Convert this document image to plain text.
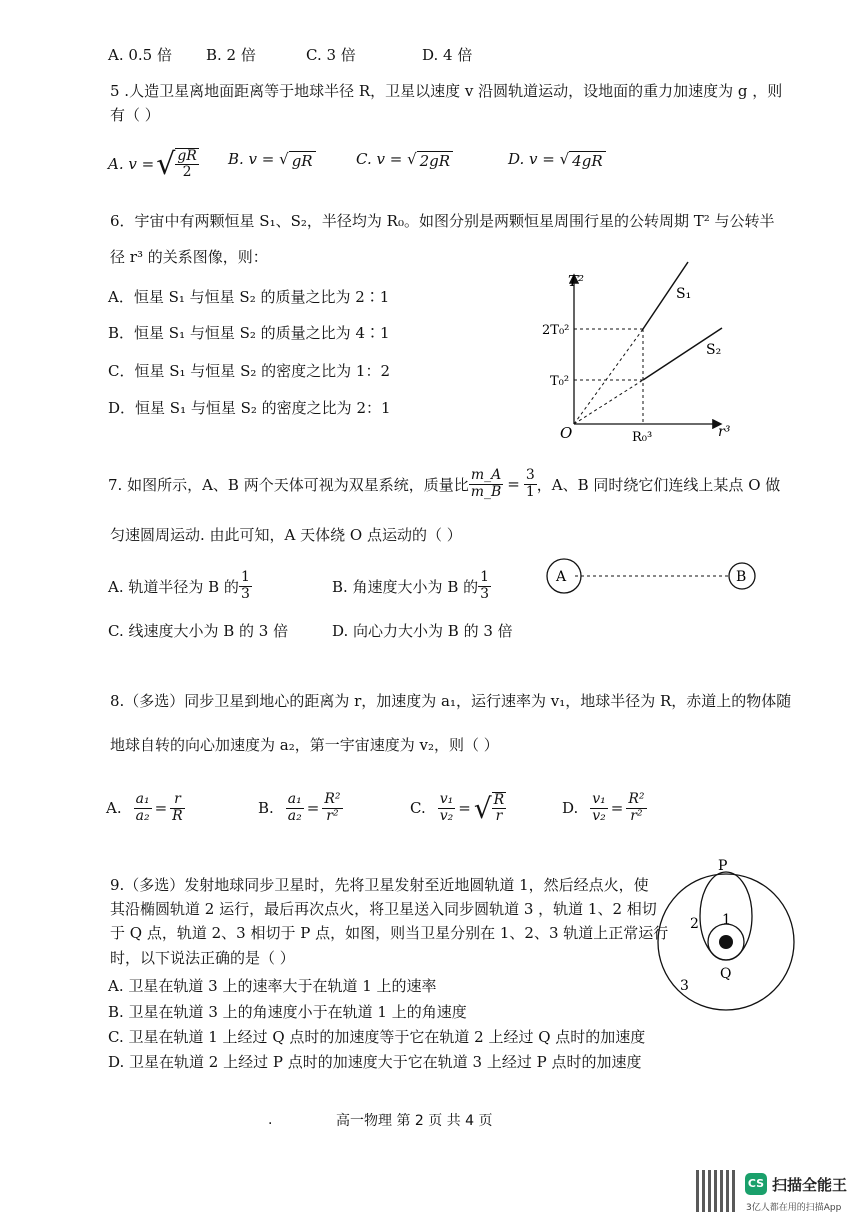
A. 0.5 倍 B. 2 倍	C. 3 倍	D. 4 倍
5 .人造卫星离地面距离等于地球半径 R，卫星以速度 v 沿圆轨道运动，设地面的重力加速度为 g ，则
有（ ）
A. v = √ $\frac{gR}{2} B$. v = √ gR	C. v = √ 2gR	D. v = √ 4gR
6．宇宙中有两颗恒星 S₁、S₂，半径均为 R₀。如图分别是两颗恒星周围行星的公转周期 T² 与公转半
径 r³ 的关系图像，则：
A．恒星 S₁ 与恒星 S₂ 的质量之比为 2∶1
B．恒星 S₁ 与恒星 S₂ 的质量之比为 4∶1
C．恒星 S₁ 与恒星 S₂ 的密度之比为 1：2
D．恒星 S₁ 与恒星 S₂ 的密度之比为 2：1
T²
r³
O
2T₀²
T₀²
R₀³
S₁
S₂
7. 如图所示，A、B 两个天体可视为双星系统，质量比 $\frac{m\_A}{m\_B} = \frac{3}{1}$ ，A、B 同时绕它们连线上某点 O 做
匀速圆周运动. 由此可知，A 天体绕 O 点运动的（ ）
A. 轨道半径为 B 的 $\frac{1}{3}$	B. 角速度大小为 B 的 $\frac{1}{3}$
C. 线速度大小为 B 的 3 倍	D. 向心力大小为 B 的 3 倍
A	B
8.（多选）同步卫星到地心的距离为 r，加速度为 a₁，运行速率为 v₁，地球半径为 R，赤道上的物体随
地球自转的向心加速度为 a₂，第一宇宙速度为 v₂，则（ ）
A. $\frac{\text{a₁}}{\text{a₂}} = \frac{r}{R}$	B. $\frac{\text{a₁}}{\text{a₂}} = \frac{\text{R²}}{\text{r²}}$	C. $\frac{\text{v₁}}{\text{v₂}}$ = √ $\frac{R}{r}$	D. $\frac{\text{v₁}}{\text{v₂}} = \frac{\text{R²}}{\text{r²}}$
9.（多选）发射地球同步卫星时，先将卫星发射至近地圆轨道 1，然后经点火，使
其沿椭圆轨道 2 运行，最后再次点火，将卫星送入同步圆轨道 3 ，轨道 1、2 相切
于 Q 点，轨道 2、3 相切于 P 点，如图，则当卫星分别在 1、2、3 轨道上正常运行
时，以下说法正确的是（ ）
A. 卫星在轨道 3 上的速率大于在轨道 1 上的速率
B. 卫星在轨道 3 上的角速度小于在轨道 1 上的角速度
C. 卫星在轨道 1 上经过 Q 点时的加速度等于它在轨道 2 上经过 Q 点时的加速度
D. 卫星在轨道 2 上经过 P 点时的加速度大于它在轨道 3 上经过 P 点时的加速度
P
Q
1
2
3
·	高一物理 第 2 页 共 4 页
CS 扫描全能王
3亿人都在用的扫描App
